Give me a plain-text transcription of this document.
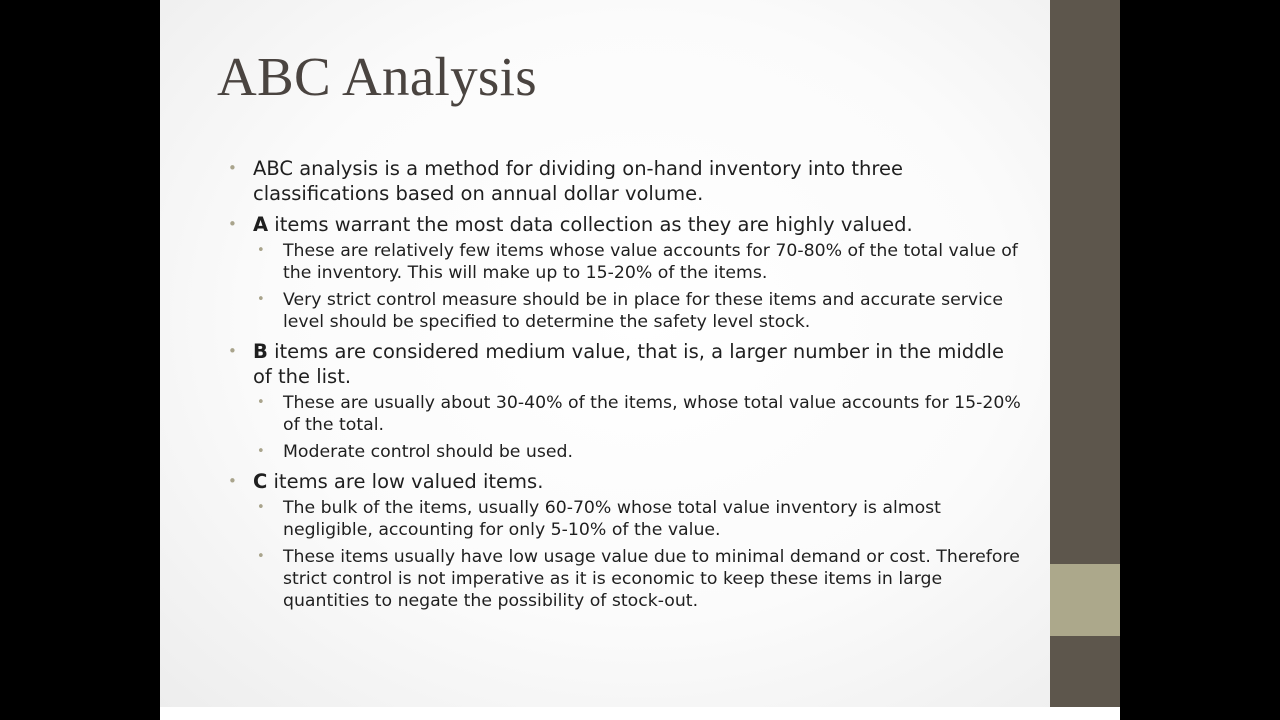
ABC Analysis
• ABC analysis is a method for dividing on-hand inventory into three classifications based on annual dollar volume.
• A items warrant the most data collection as they are highly valued.
• These are relatively few items whose value accounts for 70-80% of the total value of the inventory. This will make up to 15-20% of the items.
• Very strict control measure should be in place for these items and accurate service level should be specified to determine the safety level stock.
• B items are considered medium value, that is, a larger number in the middle of the list.
• These are usually about 30-40% of the items, whose total value accounts for 15-20% of the total.
• Moderate control should be used.
• C items are low valued items.
• The bulk of the items, usually 60-70% whose total value inventory is almost negligible, accounting for only 5-10% of the value.
• These items usually have low usage value due to minimal demand or cost. Therefore strict control is not imperative as it is economic to keep these items in large quantities to negate the possibility of stock-out.
